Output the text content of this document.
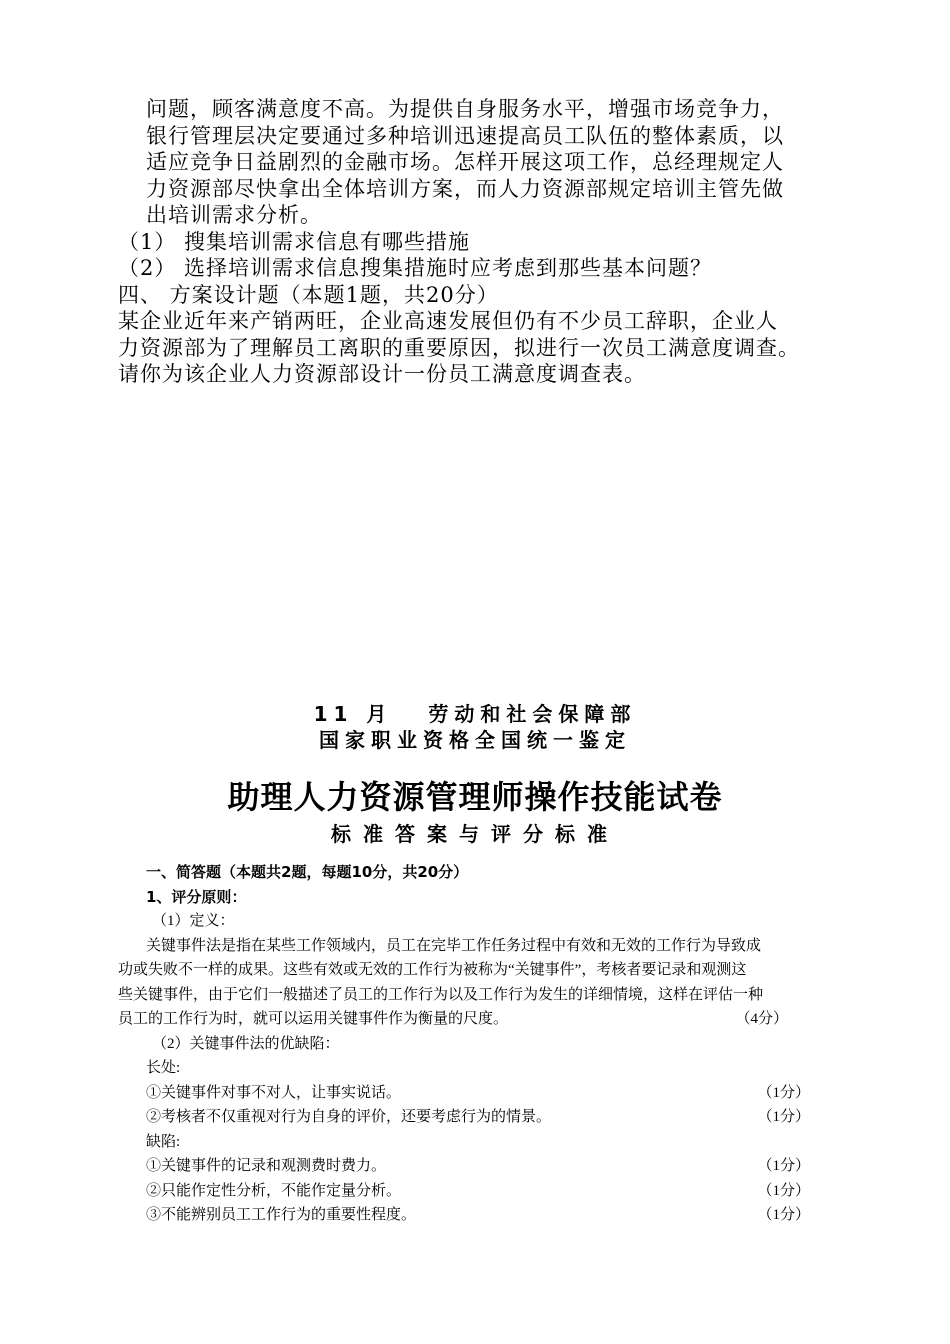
问题，顾客满意度不高。为提供自身服务水平，增强市场竞争力，
银行管理层决定要通过多种培训迅速提高员工队伍的整体素质，以
适应竞争日益剧烈的金融市场。怎样开展这项工作，总经理规定人
力资源部尽快拿出全体培训方案，而人力资源部规定培训主管先做
出培训需求分析。
（1） 搜集培训需求信息有哪些措施
（2） 选择培训需求信息搜集措施时应考虑到那些基本问题？
四、 方案设计题（本题1题，共20分）
某企业近年来产销两旺，企业高速发展但仍有不少员工辞职，企业人
力资源部为了理解员工离职的重要原因，拟进行一次员工满意度调查。
请你为该企业人力资源部设计一份员工满意度调查表。
11 月 劳动和社会保障部
国家职业资格全国统一鉴定
助理人力资源管理师操作技能试卷
标准答案与评分标准
一、简答题（本题共2题，每题10分，共20分）
1、评分原则：
（1）定义：
关键事件法是指在某些工作领域内，员工在完毕工作任务过程中有效和无效的工作行为导致成
功或失败不一样的成果。这些有效或无效的工作行为被称为“关键事件”，考核者要记录和观测这
些关键事件，由于它们一般描述了员工的工作行为以及工作行为发生的详细情境，这样在评估一种
员工的工作行为时，就可以运用关键事件作为衡量的尺度。	（4分）
（2）关键事件法的优缺陷：
长处:
①关键事件对事不对人，让事实说话。	（1分）
②考核者不仅重视对行为自身的评价，还要考虑行为的情景。	（1分）
缺陷:
①关键事件的记录和观测费时费力。	（1分）
②只能作定性分析，不能作定量分析。	（1分）
③不能辨别员工工作行为的重要性程度。	（1分）
